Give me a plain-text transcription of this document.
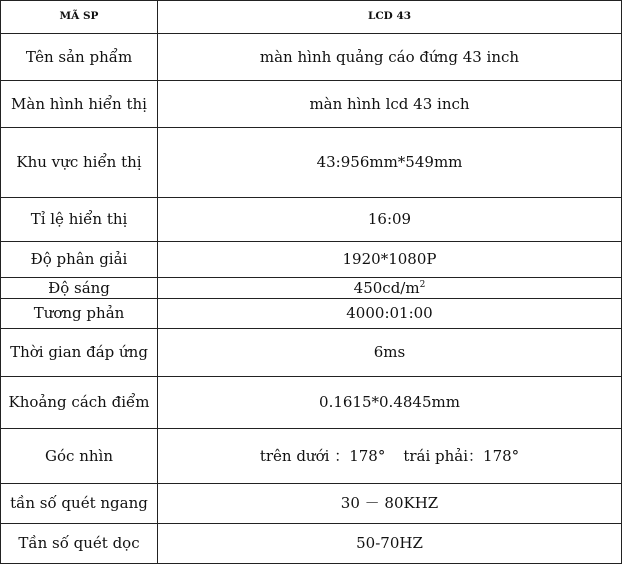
MÃ SP	LCD 43
Tên sản phẩm	màn hình quảng cáo đứng 43 inch
Màn hình hiển thị	màn hình lcd 43 inch
Khu vực hiển thị	43:956mm*549mm
Tỉ lệ hiển thị	16:09
Độ phân giải	1920*1080P
Độ sáng	$450cd/m^2$
Tương phản	4000:01:00
Thời gian đáp ứng	6ms
Khoảng cách điểm	0.1615*0.4845mm
Góc nhìn	trên dưới ：178° trái phải：178°
tần số quét ngang	30 － 80KHZ
Tần số quét dọc	50-70HZ
